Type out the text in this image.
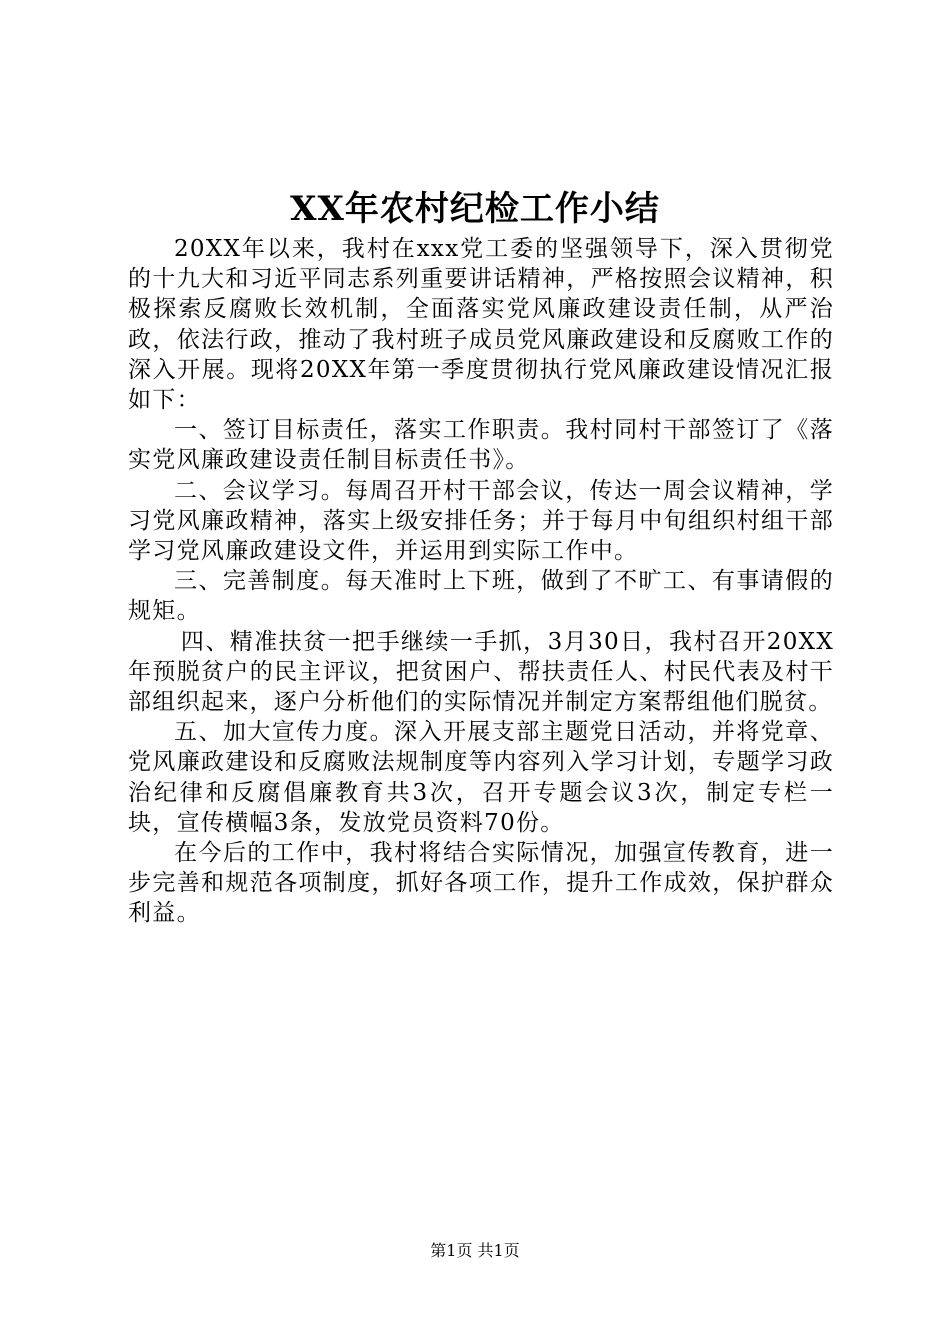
XX年农村纪检工作小结

20XX年以来，我村在xxx党工委的坚强领导下，深入贯彻党的十九大和习近平同志系列重要讲话精神，严格按照会议精神，积极探索反腐败长效机制，全面落实党风廉政建设责任制，从严治政，依法行政，推动了我村班子成员党风廉政建设和反腐败工作的深入开展。现将20XX年第一季度贯彻执行党风廉政建设情况汇报如下：

一、签订目标责任，落实工作职责。我村同村干部签订了《落实党风廉政建设责任制目标责任书》。

二、会议学习。每周召开村干部会议，传达一周会议精神，学习党风廉政精神，落实上级安排任务；并于每月中旬组织村组干部学习党风廉政建设文件，并运用到实际工作中。

三、完善制度。每天准时上下班，做到了不旷工、有事请假的规矩。

四、精准扶贫一把手继续一手抓，3月30日，我村召开20XX年预脱贫户的民主评议，把贫困户、帮扶责任人、村民代表及村干部组织起来，逐户分析他们的实际情况并制定方案帮组他们脱贫。

五、加大宣传力度。深入开展支部主题党日活动，并将党章、党风廉政建设和反腐败法规制度等内容列入学习计划，专题学习政治纪律和反腐倡廉教育共3次，召开专题会议3次，制定专栏一块，宣传横幅3条，发放党员资料70份。

在今后的工作中，我村将结合实际情况，加强宣传教育，进一步完善和规范各项制度，抓好各项工作，提升工作成效，保护群众利益。

第1页 共1页
